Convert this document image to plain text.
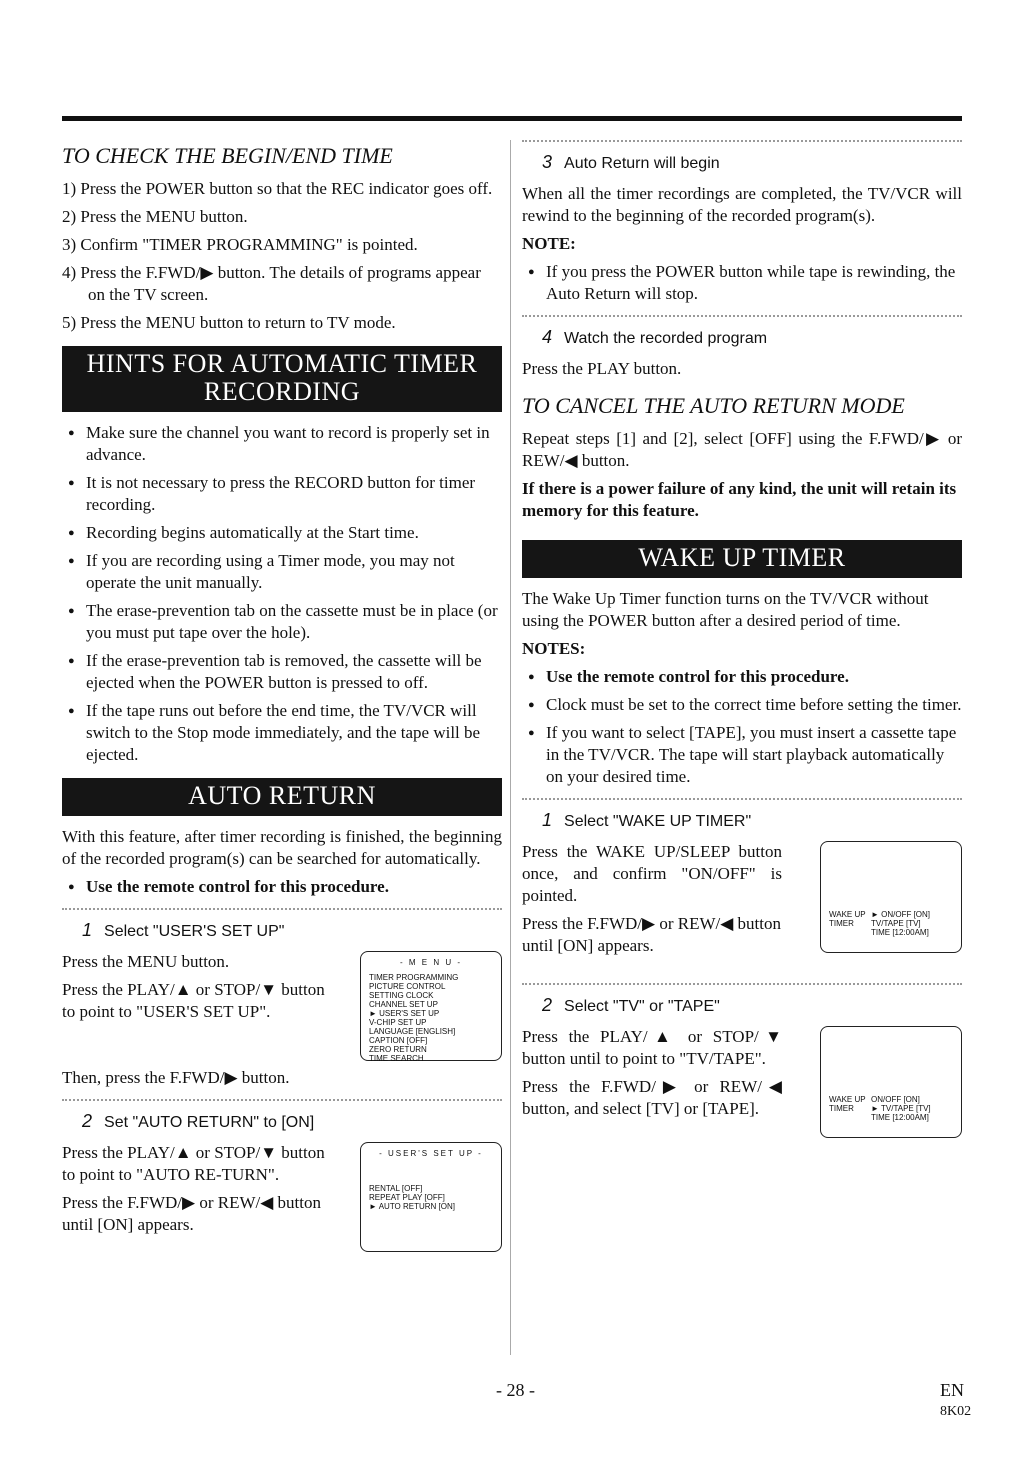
TO CHECK THE BEGIN/END TIME
1) Press the POWER button so that the REC indicator goes off.
2) Press the MENU button.
3) Confirm "TIMER PROGRAMMING" is pointed.
4) Press the F.FWD/▶ button. The details of programs appear on the TV screen.
5) Press the MENU button to return to TV mode.
HINTS FOR AUTOMATIC TIMER RECORDING
● Make sure the channel you want to record is properly set in advance.
● It is not necessary to press the RECORD button for timer recording.
● Recording begins automatically at the Start time.
● If you are recording using a Timer mode, you may not operate the unit manually.
● The erase-prevention tab on the cassette must be in place (or you must put tape over the hole).
● If the erase-prevention tab is removed, the cassette will be ejected when the POWER button is pressed to off.
● If the tape runs out before the end time, the TV/VCR will switch to the Stop mode immediately, and the tape will be ejected.
AUTO RETURN

With this feature, after timer recording is finished, the beginning of the recorded program(s) can be searched for automatically.

● Use the remote control for this procedure.
1 Select "USER'S SET UP"

Press the MENU button.

Press the PLAY/▲ or STOP/▼ button to point to "USER'S SET UP".

- M E N U -
TIMER PROGRAMMING
PICTURE CONTROL
SETTING CLOCK
CHANNEL SET UP
► USER'S SET UP
V-CHIP SET UP
LANGUAGE [ENGLISH]
CAPTION [OFF]
ZERO RETURN
TIME SEARCH

Then, press the F.FWD/▶ button.

2 Set "AUTO RETURN" to [ON]

Press the PLAY/▲ or STOP/▼ button to point to "AUTO RE-TURN".

Press the F.FWD/▶ or REW/◀ button until [ON] appears.

- USER'S SET UP -
RENTAL [OFF]
REPEAT PLAY [OFF]
► AUTO RETURN [ON]
3 Auto Return will begin

When all the timer recordings are completed, the TV/VCR will rewind to the beginning of the recorded program(s).

NOTE:

● If you press the POWER button while tape is rewinding, the Auto Return will stop.
4 Watch the recorded program

Press the PLAY button.

TO CANCEL THE AUTO RETURN MODE

Repeat steps [1] and [2], select [OFF] using the F.FWD/▶ or REW/◀ button.

If there is a power failure of any kind, the unit will retain its memory for this feature.

WAKE UP TIMER

The Wake Up Timer function turns on the TV/VCR without using the POWER button after a desired period of time.

NOTES:

● Use the remote control for this procedure.
● Clock must be set to the correct time before setting the timer.
● If you want to select [TAPE], you must insert a cassette tape in the TV/VCR. The tape will start playback automatically on your desired time.
1 Select "WAKE UP TIMER"

Press the WAKE UP/SLEEP button once, and confirm "ON/OFF" is pointed.

Press the F.FWD/▶ or REW/◀ button until [ON] appears.

WAKE UP TIMER
► ON/OFF [ON]
TV/TAPE [TV]
TIME [12:00AM]
2 Select "TV" or "TAPE"

Press the PLAY/▲ or STOP/▼ button until to point to "TV/TAPE".

Press the F.FWD/▶ or REW/◀ button, and select [TV] or [TAPE].	WAKE UP TIMER
ON/OFF [ON]
► TV/TAPE [TV]
TIME [12:00AM]
- 28 -	EN
8K02
